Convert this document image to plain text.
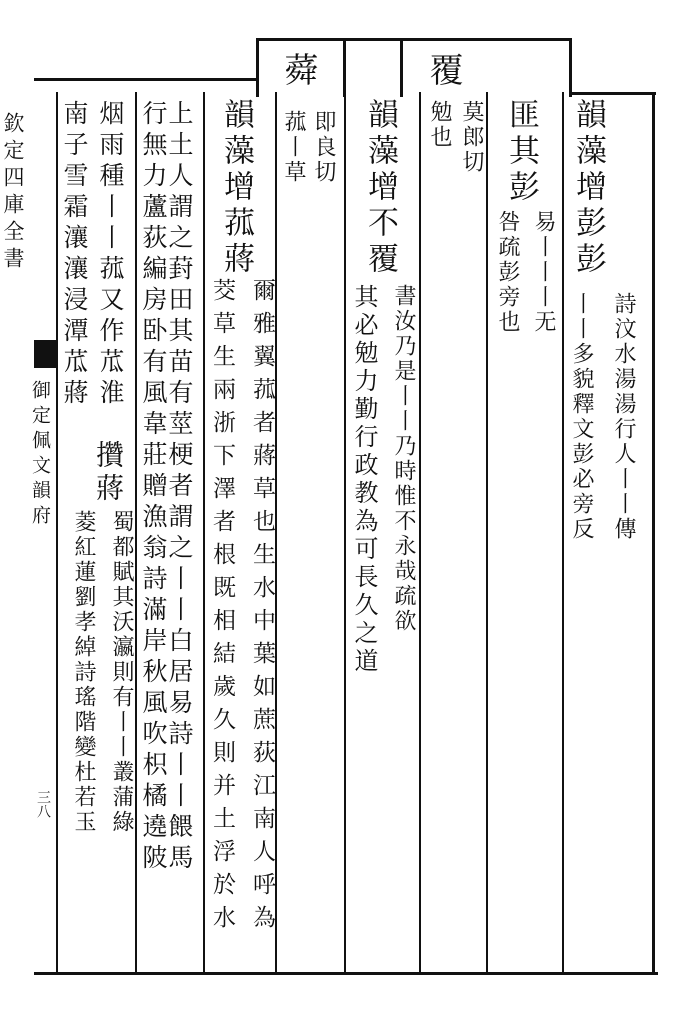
欽定四庫全書
御定佩文韻府
三八
蕣	覆
韻藻增彭彭
詩汶水湯湯行人丨丨傳
丨丨多貌釋文彭必旁反
匪其彭
易丨丨丨无
咎疏彭旁也
莫郎切
勉也
韻藻增不覆
書汝乃是丨丨乃時惟不永哉疏欲
其必勉力勤行政教為可長久之道
即良切
菰丨草
韻藻增菰蔣
爾雅翼菰者蔣草也生水中葉如蔗荻江南人呼為
茭草生兩浙下澤者根既相結歲久則并土浮於水
上土人謂之葑田其苗有莖梗者謂之丨丨白居易詩丨丨餵馬
行無力蘆荻編房卧有風韋莊贈漁翁詩滿岸秋風吹枳橘遶陂
烟雨種丨丨菰又作苽淮
攢蔣
蜀都賦其沃瀛則有丨丨叢蒲綠
菱紅蓮劉孝綽詩瑤階變杜若玉
南子雪霜瀼瀼浸潭苽蔣
